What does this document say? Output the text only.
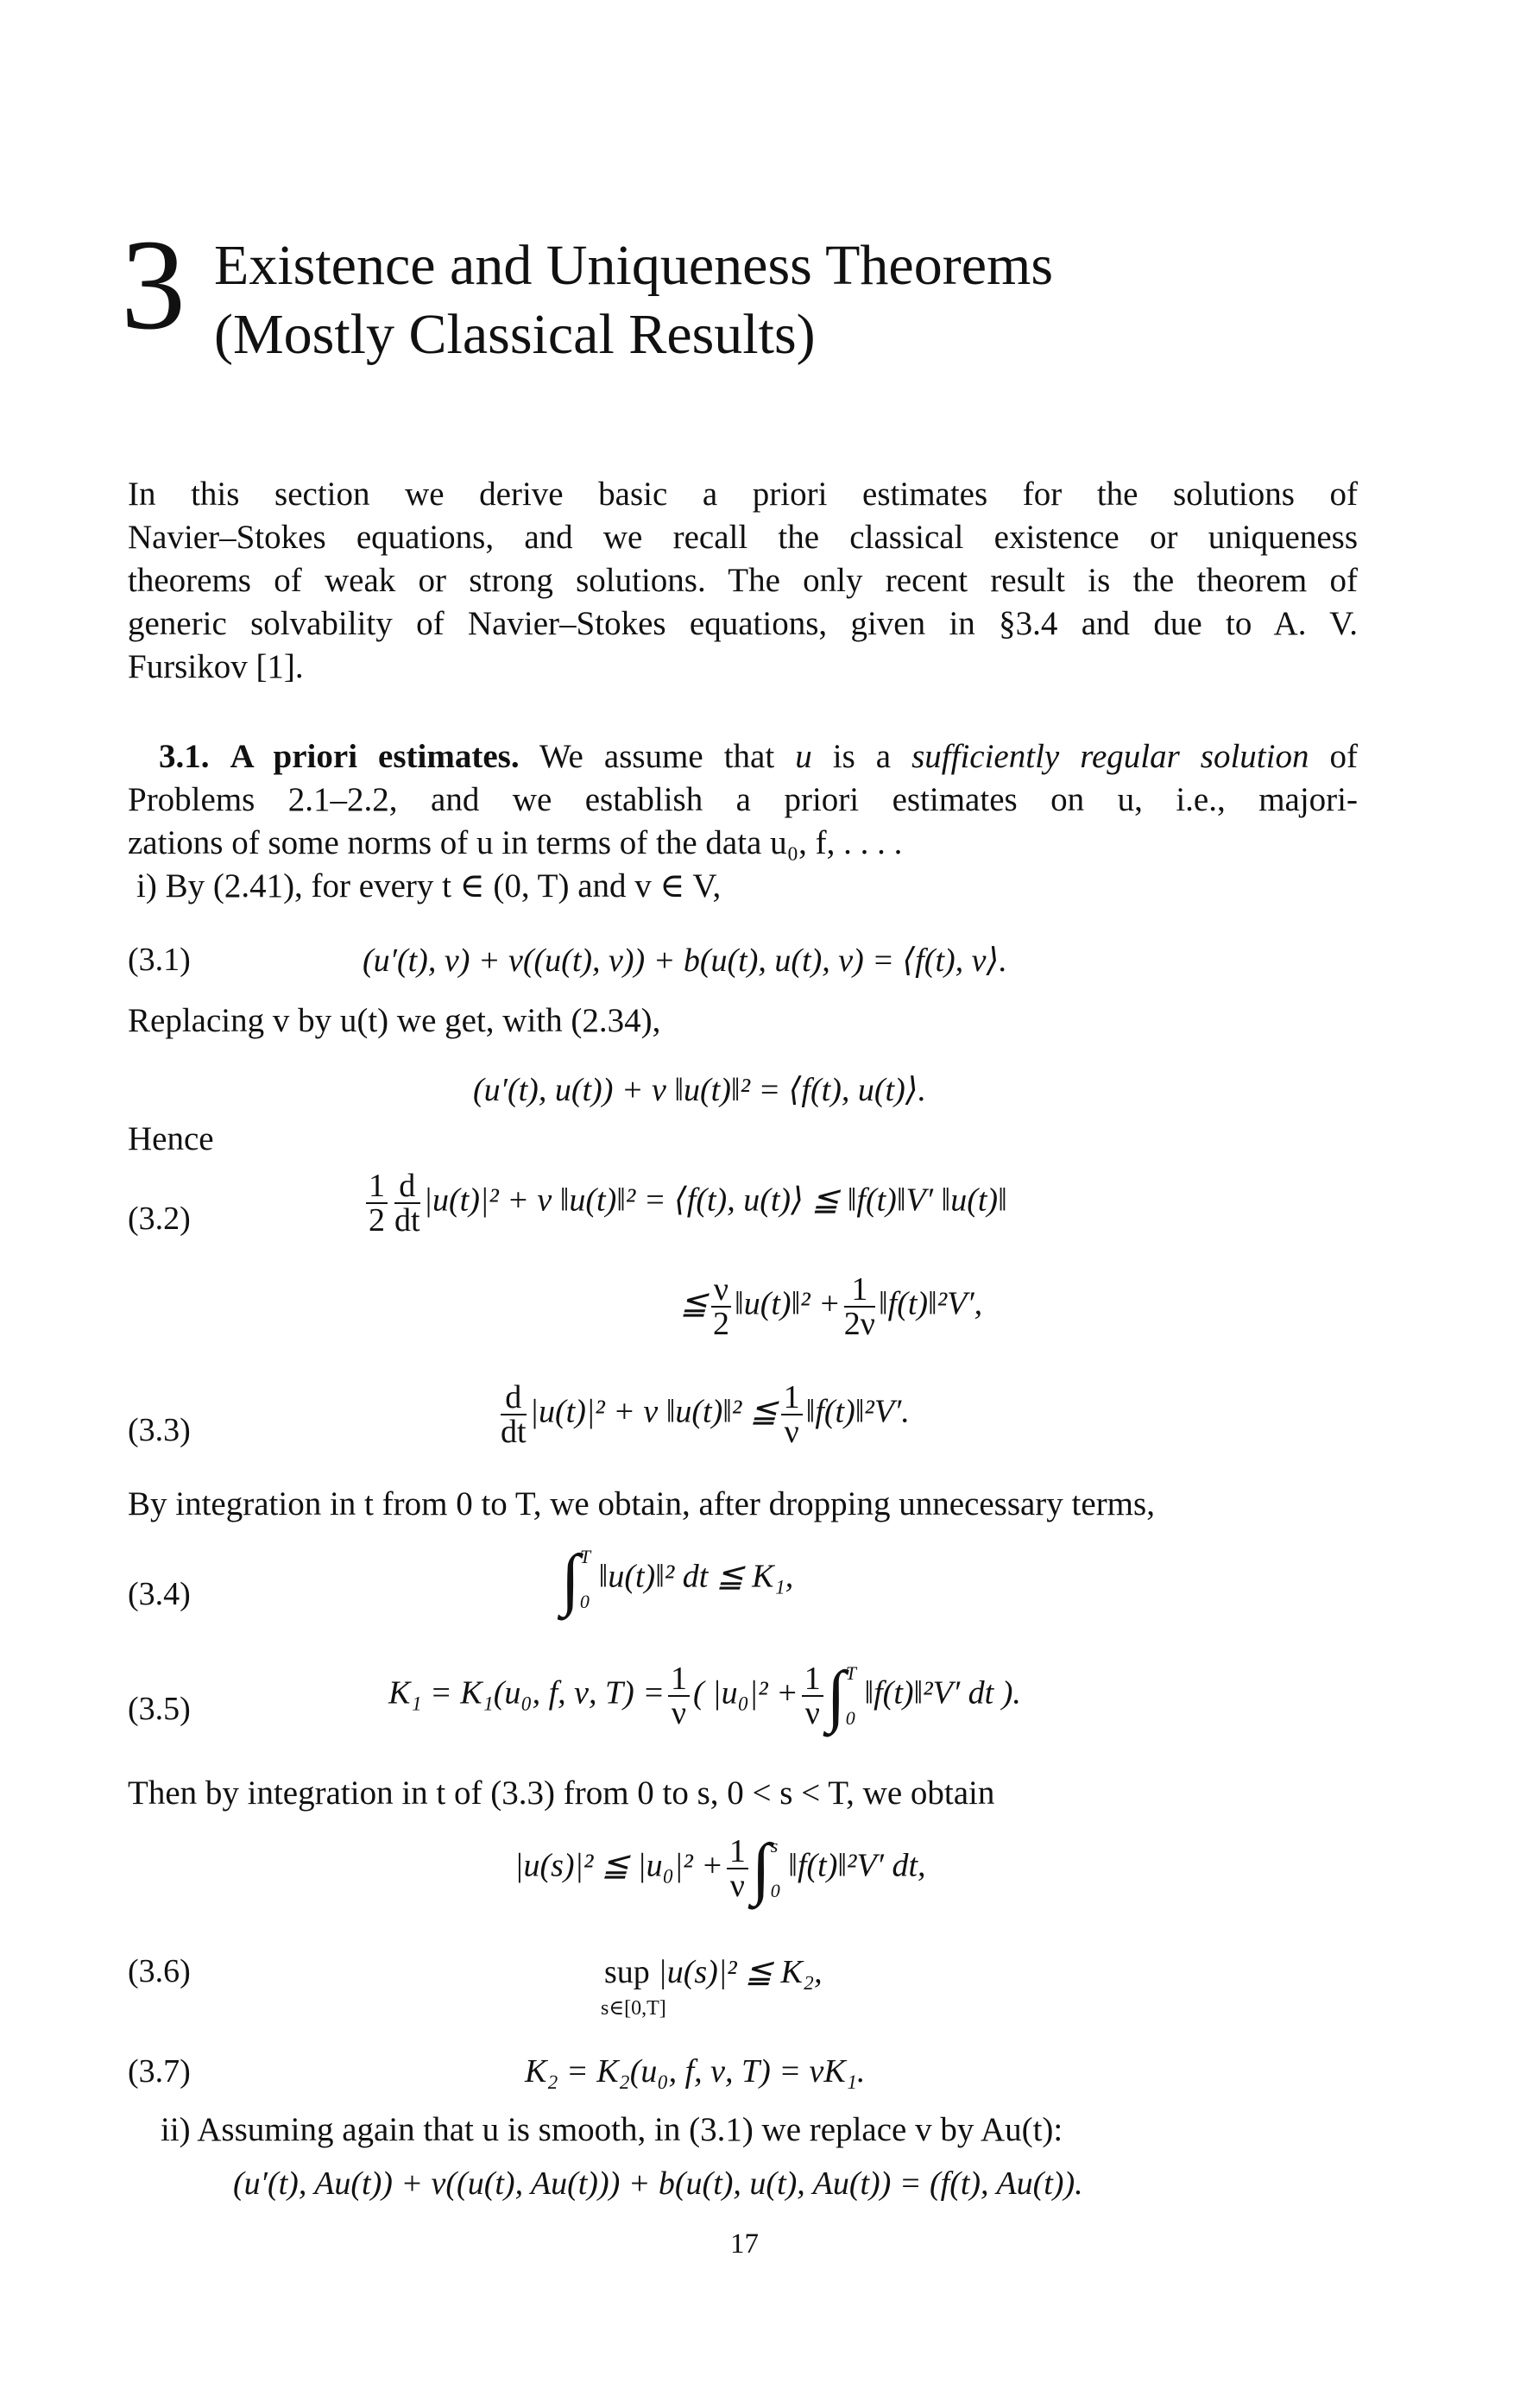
3 Existence and Uniqueness Theorems
(Mostly Classical Results)
In this section we derive basic a priori estimates for the solutions of
Navier–Stokes equations, and we recall the classical existence or uniqueness
theorems of weak or strong solutions. The only recent result is the theorem of
generic solvability of Navier–Stokes equations, given in §3.4 and due to A. V.
Fursikov [1].
3.1. A priori estimates. We assume that u is a sufficiently regular solution of
Problems 2.1–2.2, and we establish a priori estimates on u, i.e., majori-
zations of some norms of u in terms of the data u₀, f, . . . .
i) By (2.41), for every t ∈ (0, T) and v ∈ V,
(3.1)	(u′(t), v) + ν((u(t), v)) + b(u(t), u(t), v) = ⟨f(t), v⟩.
Replacing v by u(t) we get, with (2.34),
(u′(t), u(t)) + ν ‖u(t)‖² = ⟨f(t), u(t)⟩.
Hence
(3.2)	$\frac{1}{2} \frac{d}{dt} |u(t)|^2 + \nu$ ‖u(t)‖² = ⟨f(t), u(t)⟩ ≦ ‖f(t)‖V′ ‖u(t)‖
≦ $\frac{\nu}{2}$ ‖u(t)‖² + $\frac{1}{2\nu}$ ‖f(t)‖²V′,
(3.3)	$\frac{d}{dt} |u(t)|^2 + \nu$ ‖u(t)‖² ≦ $\frac{1}{\nu}$ ‖f(t)‖²V′.
By integration in t from 0 to T, we obtain, after dropping unnecessary terms,
(3.4)	∫ T
0
‖u(t)‖² dt ≦ K₁,
(3.5)	K₁ = K₁(u₀, f, ν, $T) = \frac{1}{\nu}$ ( $|u_0|^2 + \frac{1}{\nu}$ ∫ T
0
‖f(t)‖²V′ dt ).
Then by integration in t of (3.3) from 0 to s, 0 < s < T, we obtain
|u(s)|² ≦ $|u_0|^2 + \frac{1}{\nu}$ ∫ s
0
‖f(t)‖²V′ dt,
(3.6)	sup |u(s)|² ≦ K₂,
s∈[0,T]
(3.7)	K₂ = K₂(u₀, f, ν, T) = νK₁.
ii) Assuming again that u is smooth, in (3.1) we replace v by Au(t):
(u′(t), Au(t)) + ν((u(t), Au(t))) + b(u(t), u(t), Au(t)) = (f(t), Au(t)).
17
